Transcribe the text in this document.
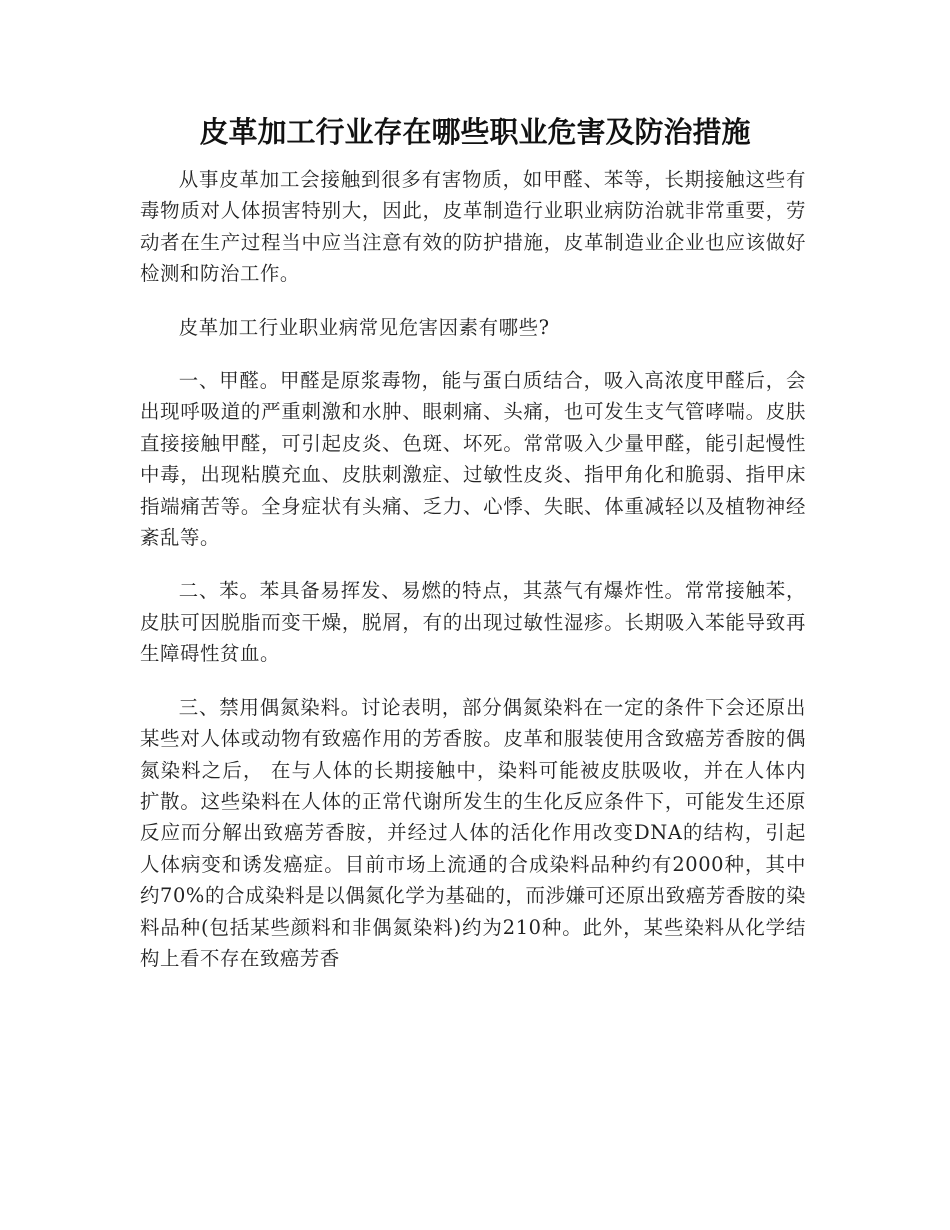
皮革加工行业存在哪些职业危害及防治措施

从事皮革加工会接触到很多有害物质，如甲醛、苯等，长期接触这些有毒物质对人体损害特别大，因此，皮革制造行业职业病防治就非常重要，劳动者在生产过程当中应当注意有效的防护措施，皮革制造业企业也应该做好检测和防治工作。

皮革加工行业职业病常见危害因素有哪些?

一、甲醛。甲醛是原浆毒物，能与蛋白质结合，吸入高浓度甲醛后，会出现呼吸道的严重刺激和水肿、眼刺痛、头痛，也可发生支气管哮喘。皮肤直接接触甲醛，可引起皮炎、色斑、坏死。常常吸入少量甲醛，能引起慢性中毒，出现粘膜充血、皮肤刺激症、过敏性皮炎、指甲角化和脆弱、指甲床指端痛苦等。全身症状有头痛、乏力、心悸、失眠、体重减轻以及植物神经紊乱等。

二、苯。苯具备易挥发、易燃的特点，其蒸气有爆炸性。常常接触苯，皮肤可因脱脂而变干燥，脱屑，有的出现过敏性湿疹。长期吸入苯能导致再生障碍性贫血。

三、禁用偶氮染料。讨论表明，部分偶氮染料在一定的条件下会还原出某些对人体或动物有致癌作用的芳香胺。皮革和服装使用含致癌芳香胺的偶氮染料之后， 在与人体的长期接触中，染料可能被皮肤吸收，并在人体内扩散。这些染料在人体的正常代谢所发生的生化反应条件下，可能发生还原反应而分解出致癌芳香胺，并经过人体的活化作用改变DNA的结构，引起人体病变和诱发癌症。目前市场上流通的合成染料品种约有2000种，其中约70%的合成染料是以偶氮化学为基础的，而涉嫌可还原出致癌芳香胺的染料品种(包括某些颜料和非偶氮染料)约为210种。此外，某些染料从化学结构上看不存在致癌芳香
